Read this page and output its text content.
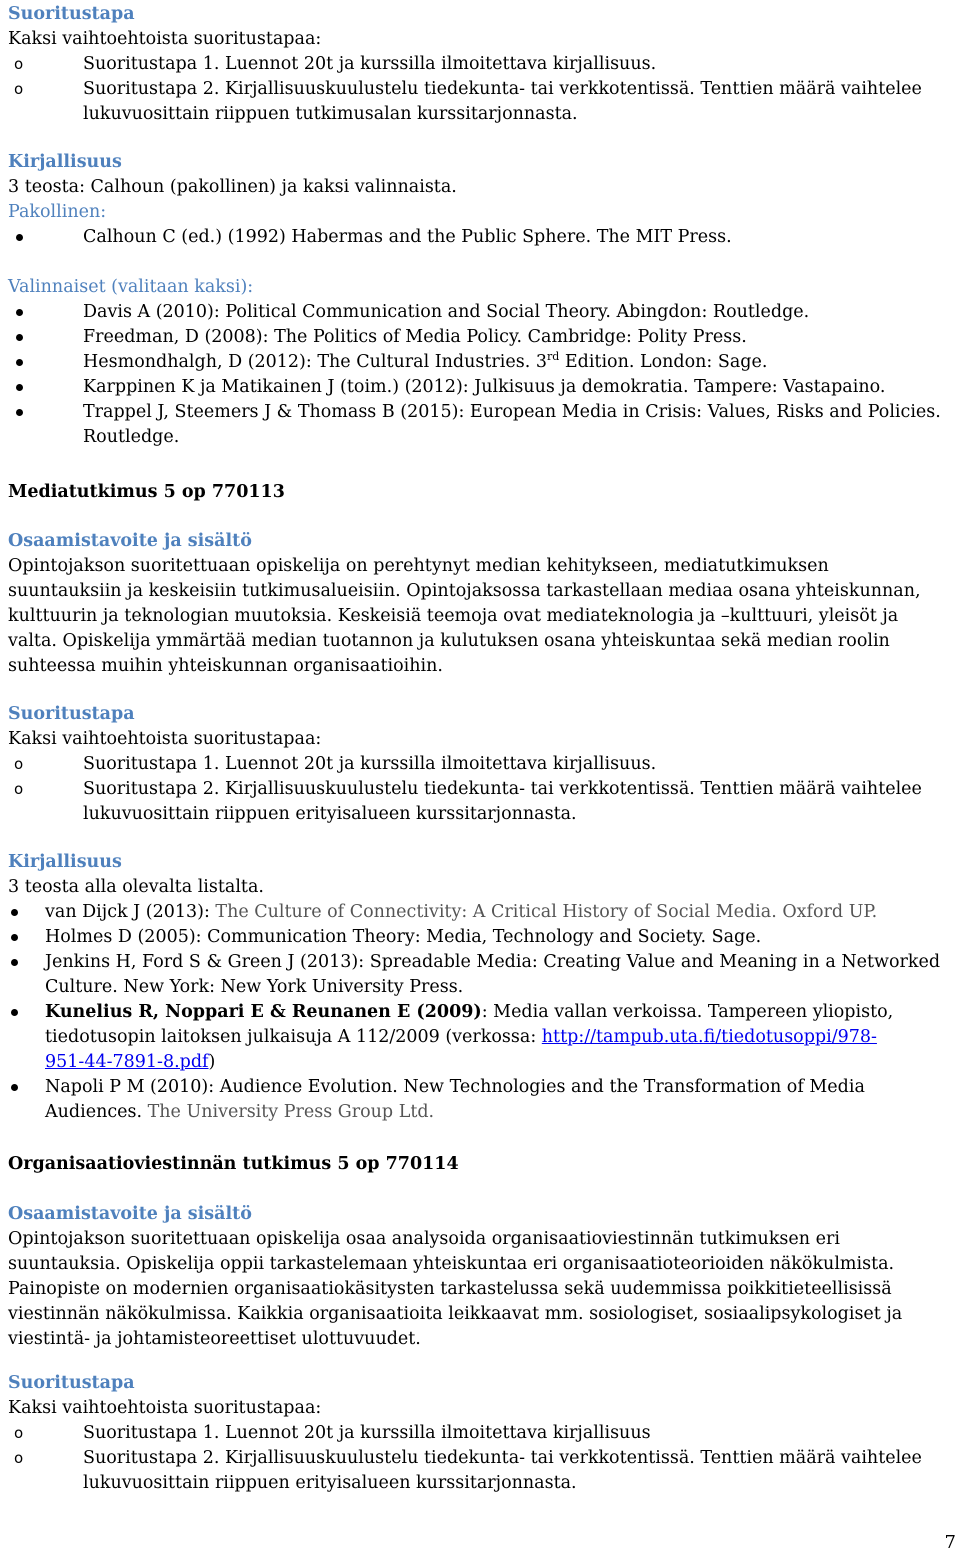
Suoritustapa
Kaksi vaihtoehtoista suoritustapaa:
o	Suoritustapa 1. Luennot 20t ja kurssilla ilmoitettava kirjallisuus.
o	Suoritustapa 2. Kirjallisuuskuulustelu tiedekunta- tai verkkotentissä. Tenttien määrä vaihtelee
lukuvuosittain riippuen tutkimusalan kurssitarjonnasta.
Kirjallisuus
3 teosta: Calhoun (pakollinen) ja kaksi valinnaista.
Pakollinen:
Calhoun C (ed.) (1992) Habermas and the Public Sphere. The MIT Press.
Valinnaiset (valitaan kaksi):
Davis A (2010): Political Communication and Social Theory. Abingdon: Routledge.
Freedman, D (2008): The Politics of Media Policy. Cambridge: Polity Press.
Hesmondhalgh, D (2012): The Cultural Industries. 3rd Edition. London: Sage.
Karppinen K ja Matikainen J (toim.) (2012): Julkisuus ja demokratia. Tampere: Vastapaino.
Trappel J, Steemers J & Thomass B (2015): European Media in Crisis: Values, Risks and Policies.
Routledge.
Mediatutkimus 5 op 770113
Osaamistavoite ja sisältö
Opintojakson suoritettuaan opiskelija on perehtynyt median kehitykseen, mediatutkimuksen
suuntauksiin ja keskeisiin tutkimusalueisiin. Opintojaksossa tarkastellaan mediaa osana yhteiskunnan,
kulttuurin ja teknologian muutoksia. Keskeisiä teemoja ovat mediateknologia ja –kulttuuri, yleisöt ja
valta. Opiskelija ymmärtää median tuotannon ja kulutuksen osana yhteiskuntaa sekä median roolin
suhteessa muihin yhteiskunnan organisaatioihin.
Suoritustapa
Kaksi vaihtoehtoista suoritustapaa:
o	Suoritustapa 1. Luennot 20t ja kurssilla ilmoitettava kirjallisuus.
o	Suoritustapa 2. Kirjallisuuskuulustelu tiedekunta- tai verkkotentissä. Tenttien määrä vaihtelee
lukuvuosittain riippuen erityisalueen kurssitarjonnasta.
Kirjallisuus
3 teosta alla olevalta listalta.
van Dijck J (2013): The Culture of Connectivity: A Critical History of Social Media. Oxford UP.
Holmes D (2005): Communication Theory: Media, Technology and Society. Sage.
Jenkins H, Ford S & Green J (2013): Spreadable Media: Creating Value and Meaning in a Networked
Culture. New York: New York University Press.
Kunelius R, Noppari E & Reunanen E (2009): Media vallan verkoissa. Tampereen yliopisto,
tiedotusopin laitoksen julkaisuja A 112/2009 (verkossa: http://tampub.uta.fi/tiedotusoppi/978-
951-44-7891-8.pdf)
Napoli P M (2010): Audience Evolution. New Technologies and the Transformation of Media
Audiences. The University Press Group Ltd.
Organisaatioviestinnän tutkimus 5 op 770114
Osaamistavoite ja sisältö
Opintojakson suoritettuaan opiskelija osaa analysoida organisaatioviestinnän tutkimuksen eri
suuntauksia. Opiskelija oppii tarkastelemaan yhteiskuntaa eri organisaatioteorioiden näkökulmista.
Painopiste on modernien organisaatiokäsitysten tarkastelussa sekä uudemmissa poikkitieteellisissä
viestinnän näkökulmissa. Kaikkia organisaatioita leikkaavat mm. sosiologiset, sosiaalipsykologiset ja
viestintä- ja johtamisteoreettiset ulottuvuudet.
Suoritustapa
Kaksi vaihtoehtoista suoritustapaa:
o	Suoritustapa 1. Luennot 20t ja kurssilla ilmoitettava kirjallisuus
o	Suoritustapa 2. Kirjallisuuskuulustelu tiedekunta- tai verkkotentissä. Tenttien määrä vaihtelee
lukuvuosittain riippuen erityisalueen kurssitarjonnasta.
7
